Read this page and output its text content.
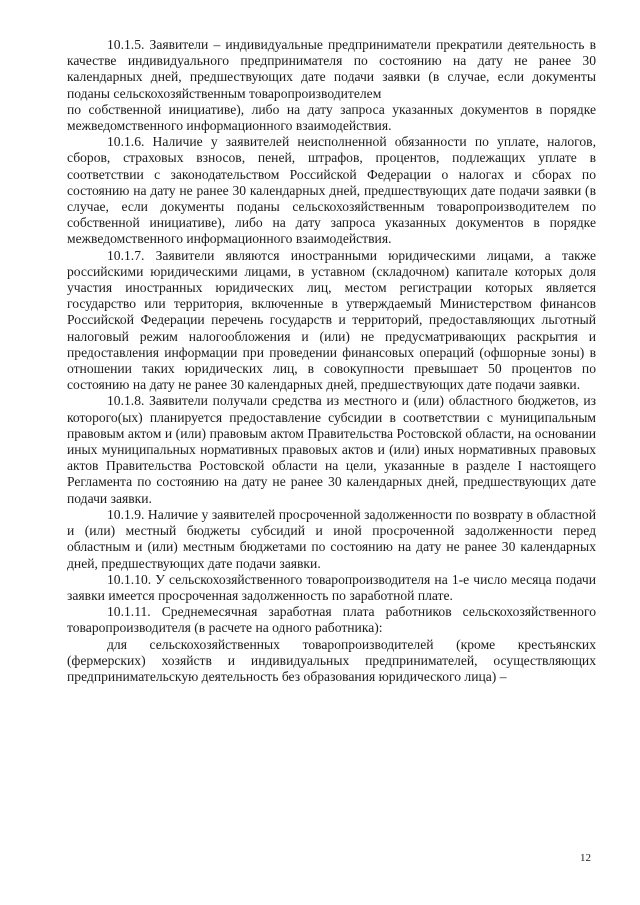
10.1.5. Заявители – индивидуальные предприниматели прекратили деятельность в качестве индивидуального предпринимателя по состоянию на дату не ранее 30 календарных дней, предшествующих дате подачи заявки (в случае, если документы поданы сельскохозяйственным товаропроизводителем

по собственной инициативе), либо на дату запроса указанных документов в порядке межведомственного информационного взаимодействия.

10.1.6. Наличие у заявителей неисполненной обязанности по уплате, налогов, сборов, страховых взносов, пеней, штрафов, процентов, подлежащих уплате в соответствии с законодательством Российской Федерации о налогах и сборах по состоянию на дату не ранее 30 календарных дней, предшествующих дате подачи заявки (в случае, если документы поданы сельскохозяйственным товаропроизводителем по собственной инициативе), либо на дату запроса указанных документов в порядке межведомственного информационного взаимодействия.

10.1.7. Заявители являются иностранными юридическими лицами, а также российскими юридическими лицами, в уставном (складочном) капитале которых доля участия иностранных юридических лиц, местом регистрации которых является государство или территория, включенные в утверждаемый Министерством финансов Российской Федерации перечень государств и территорий, предоставляющих льготный налоговый режим налогообложения и (или) не предусматривающих раскрытия и предоставления информации при проведении финансовых операций (офшорные зоны) в отношении таких юридических лиц, в совокупности превышает 50 процентов по состоянию на дату не ранее 30 календарных дней, предшествующих дате подачи заявки.

10.1.8. Заявители получали средства из местного и (или) областного бюджетов, из которого(ых) планируется предоставление субсидии в соответствии с муниципальным правовым актом и (или) правовым актом Правительства Ростовской области, на основании иных муниципальных нормативных правовых актов и (или) иных нормативных правовых актов Правительства Ростовской области на цели, указанные в разделе I настоящего Регламента по состоянию на дату не ранее 30 календарных дней, предшествующих дате подачи заявки.

10.1.9. Наличие у заявителей просроченной задолженности по возврату в областной и (или) местный бюджеты субсидий и иной просроченной задолженности перед областным и (или) местным бюджетами по состоянию на дату не ранее 30 календарных дней, предшествующих дате подачи заявки.

10.1.10. У сельскохозяйственного товаропроизводителя на 1-е число месяца подачи заявки имеется просроченная задолженность по заработной плате.

10.1.11. Среднемесячная заработная плата работников сельскохозяйственного товаропроизводителя (в расчете на одного работника):

для сельскохозяйственных товаропроизводителей (кроме крестьянских (фермерских) хозяйств и индивидуальных предпринимателей, осуществляющих предпринимательскую деятельность без образования юридического лица) –

12
